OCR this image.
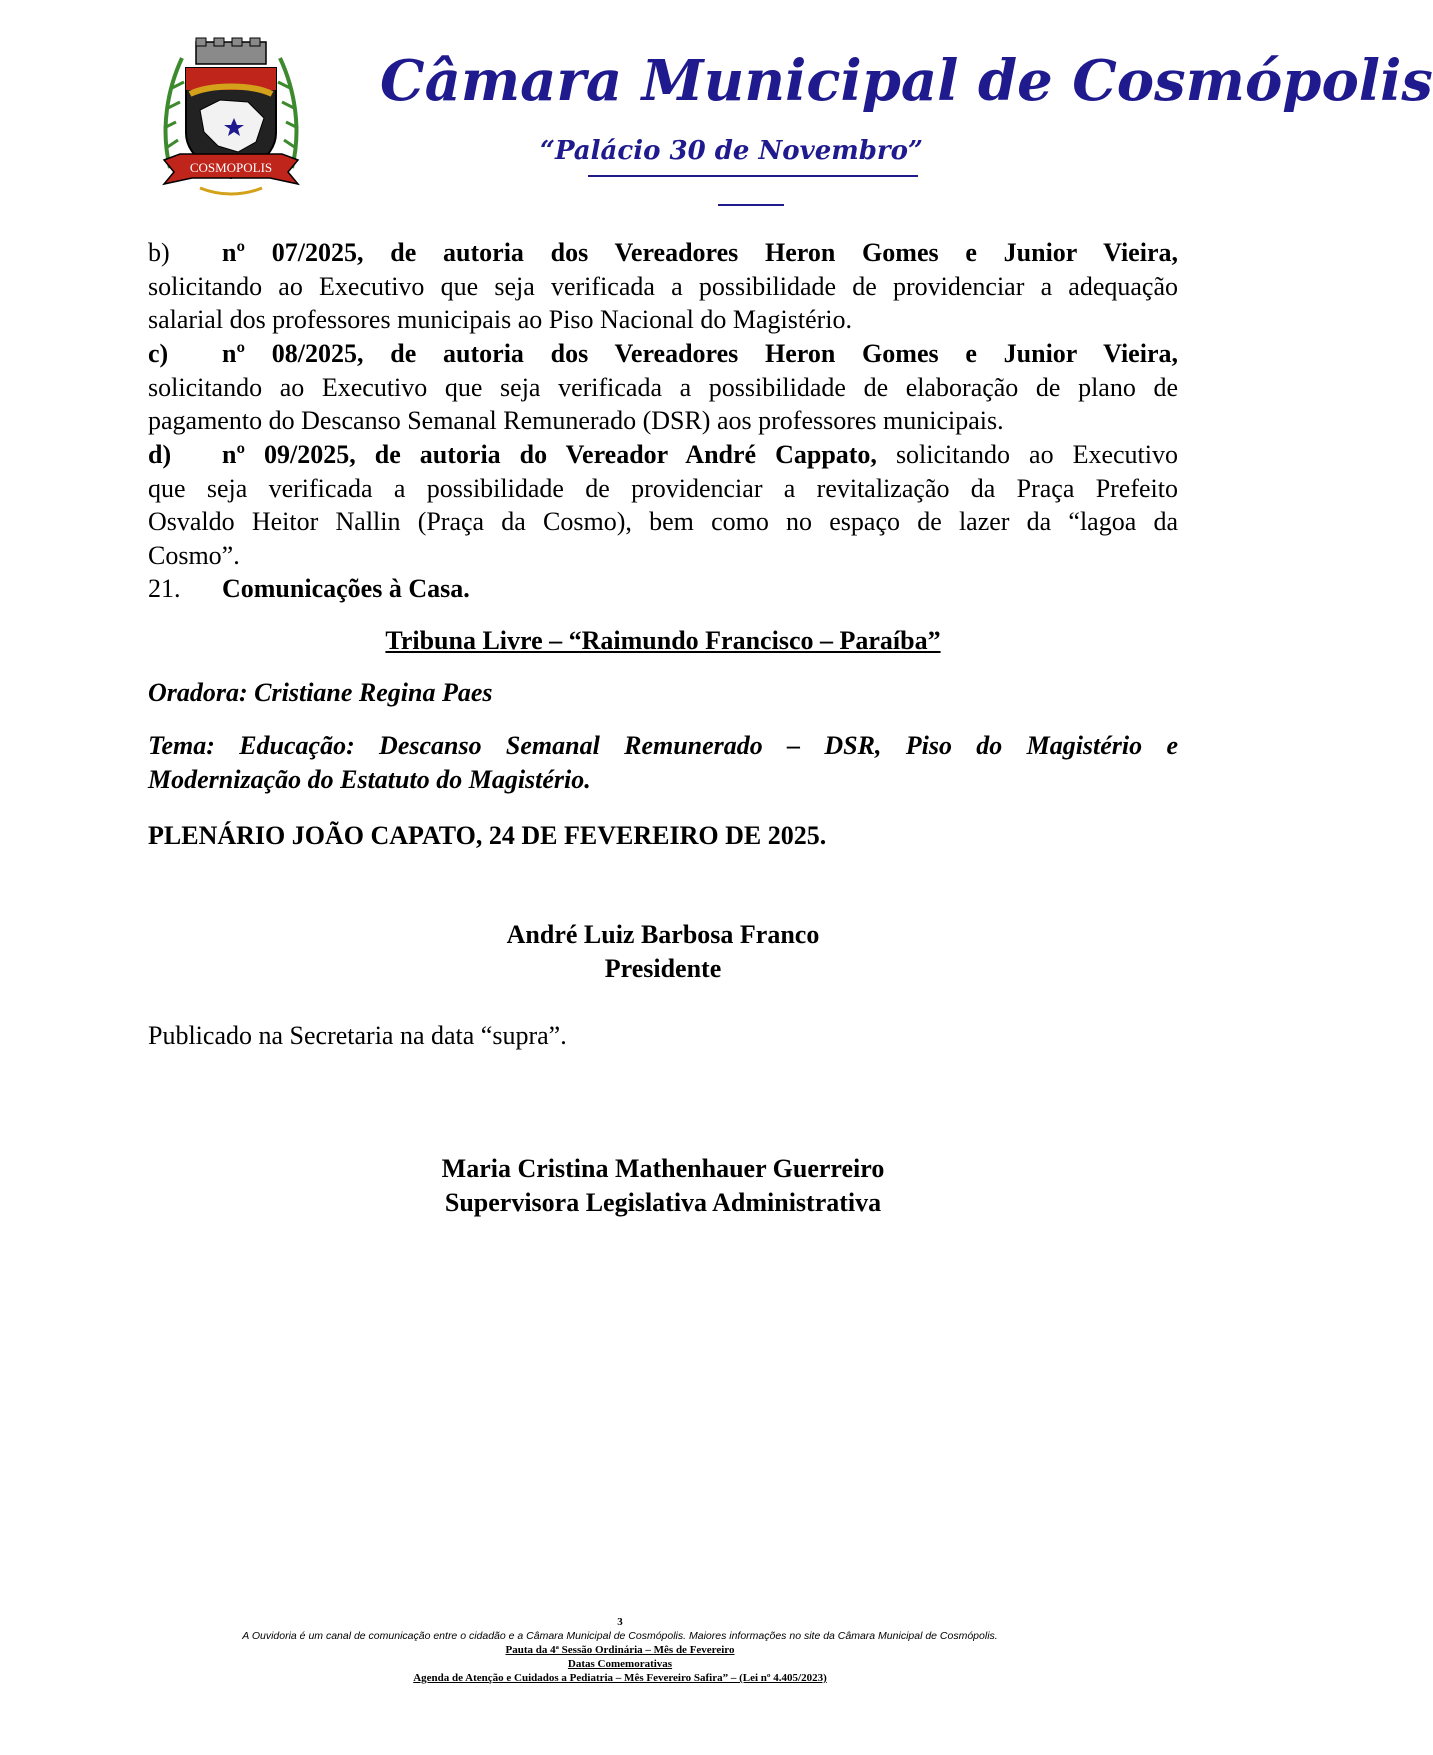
COSMOPOLIS
Câmara Municipal de Cosmópolis
“Palácio 30 de Novembro”
b) nº 07/2025, de autoria dos Vereadores Heron Gomes e Junior Vieira,
solicitando ao Executivo que seja verificada a possibilidade de providenciar a adequação
salarial dos professores municipais ao Piso Nacional do Magistério.
c) nº 08/2025, de autoria dos Vereadores Heron Gomes e Junior Vieira,
solicitando ao Executivo que seja verificada a possibilidade de elaboração de plano de
pagamento do Descanso Semanal Remunerado (DSR) aos professores municipais.
d) nº 09/2025, de autoria do Vereador André Cappato, solicitando ao Executivo
que seja verificada a possibilidade de providenciar a revitalização da Praça Prefeito
Osvaldo Heitor Nallin (Praça da Cosmo), bem como no espaço de lazer da “lagoa da
Cosmo”.
21. Comunicações à Casa.
Tribuna Livre – “Raimundo Francisco – Paraíba”
Oradora: Cristiane Regina Paes
Tema: Educação: Descanso Semanal Remunerado – DSR, Piso do Magistério e
Modernização do Estatuto do Magistério.
PLENÁRIO JOÃO CAPATO, 24 DE FEVEREIRO DE 2025.
André Luiz Barbosa Franco
Presidente
Publicado na Secretaria na data “supra”.
Maria Cristina Mathenhauer Guerreiro
Supervisora Legislativa Administrativa
3
A Ouvidoria é um canal de comunicação entre o cidadão e a Câmara Municipal de Cosmópolis. Maiores informações no site da Câmara Municipal de Cosmópolis.
Pauta da 4ª Sessão Ordinária – Mês de Fevereiro
Datas Comemorativas
Agenda de Atenção e Cuidados a Pediatria – Mês Fevereiro Safira” – (Lei nº 4.405/2023)
